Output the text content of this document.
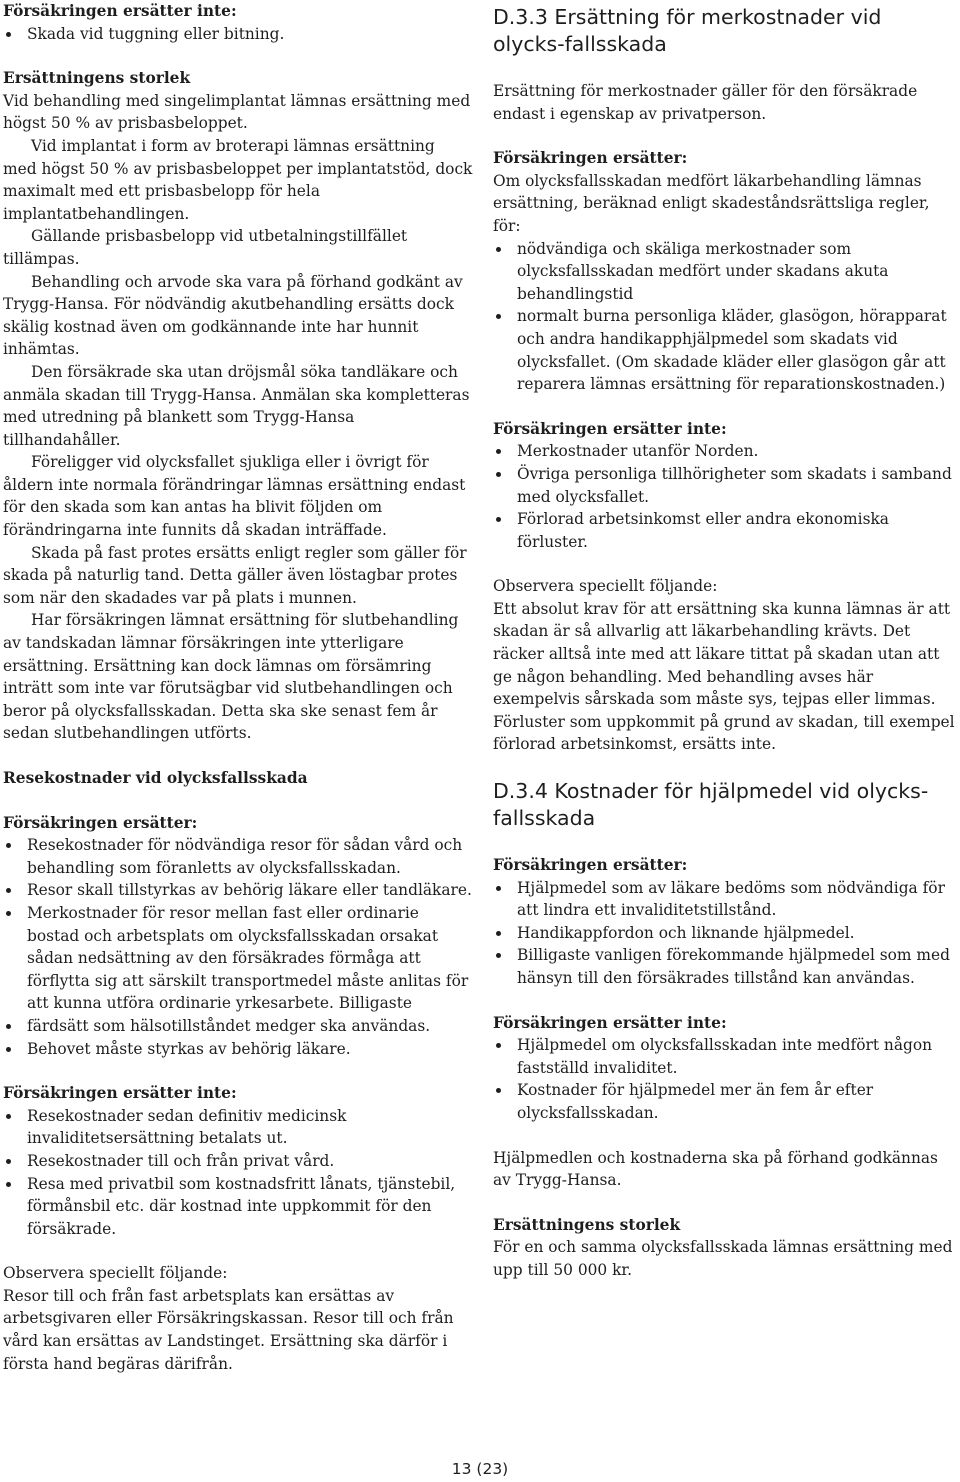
Försäkringen ersätter inte:

Skada vid tuggning eller bitning.

Ersättningens storlek

Vid behandling med singelimplantat lämnas ersättning med högst 50 % av prisbasbeloppet.

Vid implantat i form av broterapi lämnas ersättning med högst 50 % av prisbasbeloppet per implantatstöd, dock maximalt med ett prisbasbelopp för hela implantatbehandlingen.

Gällande prisbasbelopp vid utbetalningstillfället tillämpas.

Behandling och arvode ska vara på förhand godkänt av Trygg-Hansa. För nödvändig akutbehandling ersätts dock skälig kostnad även om godkännande inte har hunnit inhämtas.

Den försäkrade ska utan dröjsmål söka tandläkare och anmäla skadan till Trygg-Hansa. Anmälan ska kompletteras med utredning på blankett som Trygg-Hansa tillhandahåller.

Föreligger vid olycksfallet sjukliga eller i övrigt för åldern inte normala förändringar lämnas ersättning endast för den skada som kan antas ha blivit följden om förändringarna inte funnits då skadan inträffade.

Skada på fast protes ersätts enligt regler som gäller för skada på naturlig tand. Detta gäller även löstagbar protes som när den skadades var på plats i munnen.

Har försäkringen lämnat ersättning för slutbehandling av tandskadan lämnar försäkringen inte ytterligare ersättning. Ersättning kan dock lämnas om försämring inträtt som inte var förutsägbar vid slutbehandlingen och beror på olycksfallsskadan. Detta ska ske senast fem år sedan slutbehandlingen utförts.

Resekostnader vid olycksfallsskada

Försäkringen ersätter:

Resekostnader för nödvändiga resor för sådan vård och behandling som föranletts av olycksfallsskadan.
Resor skall tillstyrkas av behörig läkare eller tandläkare.
Merkostnader för resor mellan fast eller ordinarie bostad och arbetsplats om olycksfallsskadan orsakat sådan nedsättning av den försäkrades förmåga att förflytta sig att särskilt transportmedel måste anlitas för att kunna utföra ordinarie yrkesarbete. Billigaste
färdsätt som hälsotillståndet medger ska användas.
Behovet måste styrkas av behörig läkare.

Försäkringen ersätter inte:

Resekostnader sedan definitiv medicinsk invaliditetsersättning betalats ut.
Resekostnader till och från privat vård.
Resa med privatbil som kostnadsfritt lånats, tjänstebil, förmånsbil etc. där kostnad inte uppkommit för den försäkrade.

Observera speciellt följande:

Resor till och från fast arbetsplats kan ersättas av arbetsgivaren eller Försäkringskassan. Resor till och från vård kan ersättas av Landstinget. Ersättning ska därför i första hand begäras därifrån.

D.3.3 Ersättning för merkostnader vid olycks-fallsskada

Ersättning för merkostnader gäller för den försäkrade endast i egenskap av privatperson.

Försäkringen ersätter:

Om olycksfallsskadan medfört läkarbehandling lämnas ersättning, beräknad enligt skadeståndsrättsliga regler, för:

nödvändiga och skäliga merkostnader som olycksfallsskadan medfört under skadans akuta behandlingstid
normalt burna personliga kläder, glasögon, hörapparat och andra handikapphjälpmedel som skadats vid olycksfallet. (Om skadade kläder eller glasögon går att reparera lämnas ersättning för reparationskostnaden.)

Försäkringen ersätter inte:

Merkostnader utanför Norden.
Övriga personliga tillhörigheter som skadats i samband med olycksfallet.
Förlorad arbetsinkomst eller andra ekonomiska förluster.

Observera speciellt följande:

Ett absolut krav för att ersättning ska kunna lämnas är att skadan är så allvarlig att läkarbehandling krävts. Det räcker alltså inte med att läkare tittat på skadan utan att ge någon behandling. Med behandling avses här exempelvis sårskada som måste sys, tejpas eller limmas. Förluster som uppkommit på grund av skadan, till exempel förlorad arbetsinkomst, ersätts inte.

D.3.4 Kostnader för hjälpmedel vid olycks-fallsskada

Försäkringen ersätter:

Hjälpmedel som av läkare bedöms som nödvändiga för att lindra ett invaliditetstillstånd.
Handikappfordon och liknande hjälpmedel.
Billigaste vanligen förekommande hjälpmedel som med hänsyn till den försäkrades tillstånd kan användas.

Försäkringen ersätter inte:

Hjälpmedel om olycksfallsskadan inte medfört någon fastställd invaliditet.
Kostnader för hjälpmedel mer än fem år efter olycksfallsskadan.

Hjälpmedlen och kostnaderna ska på förhand godkännas av Trygg-Hansa.

Ersättningens storlek

För en och samma olycksfallsskada lämnas ersättning med upp till 50 000 kr.

13 (23)
